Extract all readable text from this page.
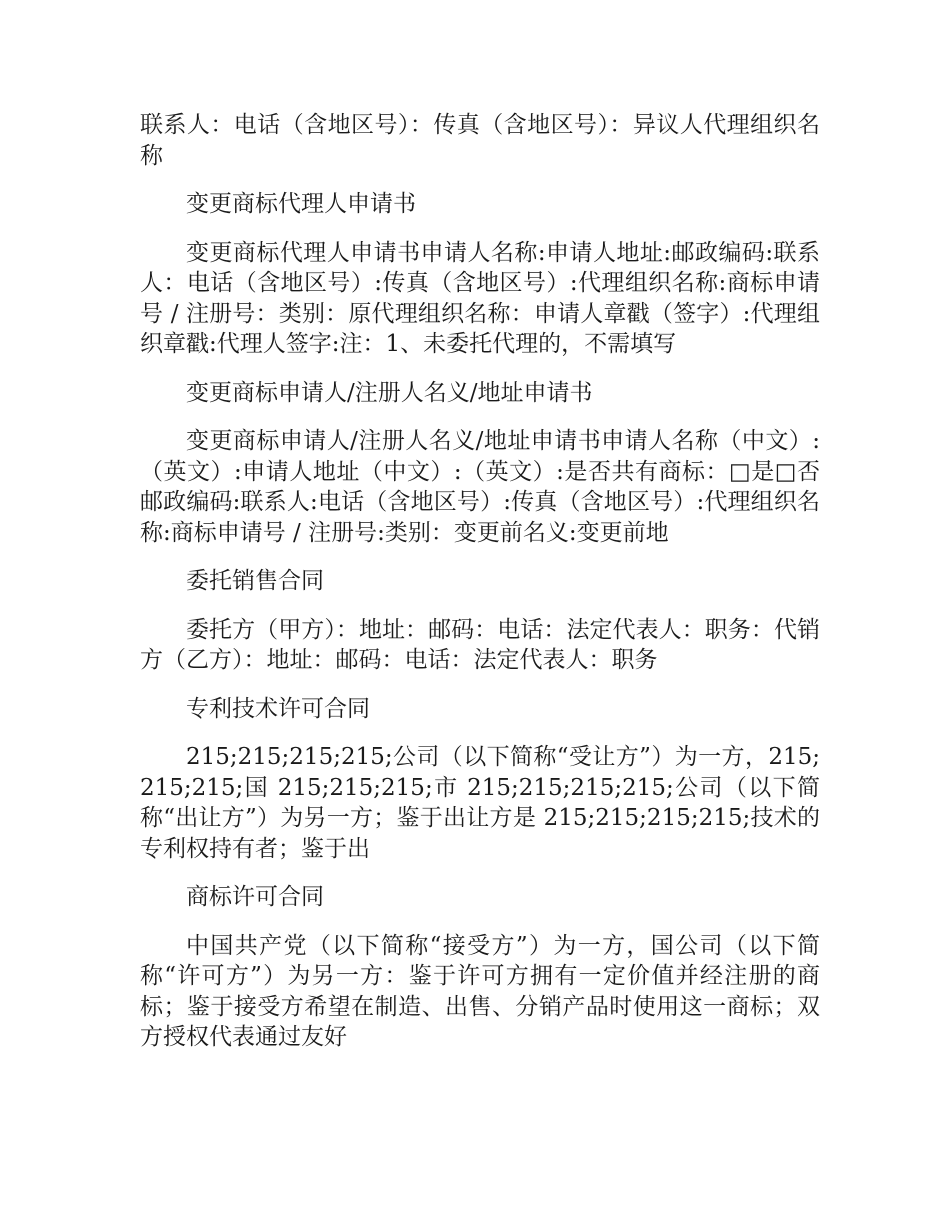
联系人：电话（含地区号）：传真（含地区号）：异议人代理组织名称

变更商标代理人申请书

变更商标代理人申请书申请人名称:申请人地址:邮政编码:联系人：电话（含地区号）:传真（含地区号）:代理组织名称:商标申请号 / 注册号：类别：原代理组织名称：申请人章戳（签字）:代理组织章戳:代理人签字:注：1、未委托代理的，不需填写

变更商标申请人/注册人名义/地址申请书

变更商标申请人/注册人名义/地址申请书申请人名称（中文）:（英文）:申请人地址（中文）:（英文）:是否共有商标：□是□否邮政编码:联系人:电话（含地区号）:传真（含地区号）:代理组织名称:商标申请号 / 注册号:类别：变更前名义:变更前地

委托销售合同

委托方（甲方）：地址：邮码：电话：法定代表人：职务：代销方（乙方）：地址：邮码：电话：法定代表人：职务

专利技术许可合同

215;215;215;215;公司（以下简称“受让方”）为一方，215;215;215;国 215;215;215;市 215;215;215;215;公司（以下简称“出让方”）为另一方；鉴于出让方是 215;215;215;215;技术的专利权持有者；鉴于出

商标许可合同

中国共产党（以下简称“接受方”）为一方，国公司（以下简称“许可方”）为另一方：鉴于许可方拥有一定价值并经注册的商标；鉴于接受方希望在制造、出售、分销产品时使用这一商标；双方授权代表通过友好
